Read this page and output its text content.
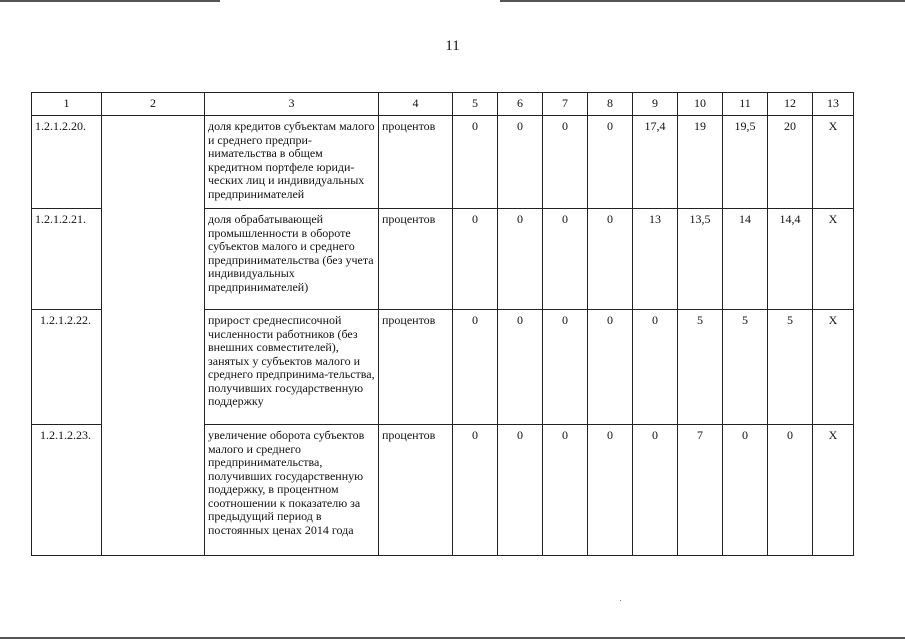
11
1	2	3	4	5	6	7	8	9	10	11	12	13
1.2.1.2.20.		доля кредитов субъектам малого и среднего предпри-нимательства в общем кредитном портфеле юриди-ческих лиц и индивидуальных предпринимателей	процентов	0	0	0	0	17,4	19	19,5	20	X
1.2.1.2.21.		доля обрабатывающей промышленности в обороте субъектов малого и среднего предпринимательства (без учета индивидуальных предпринимателей)	процентов	0	0	0	0	13	13,5	14	14,4	X
1.2.1.2.22.		прирост среднесписочной численности работников (без внешних совместителей), занятых у субъектов малого и среднего предпринима-тельства, получивших государственную поддержку	процентов	0	0	0	0	0	5	5	5	X
1.2.1.2.23.		увеличение оборота субъектов малого и среднего предпринимательства, получивших государственную поддержку, в процентном соотношении к показателю за предыдущий период в постоянных ценах 2014 года	процентов	0	0	0	0	0	7	0	0	X
